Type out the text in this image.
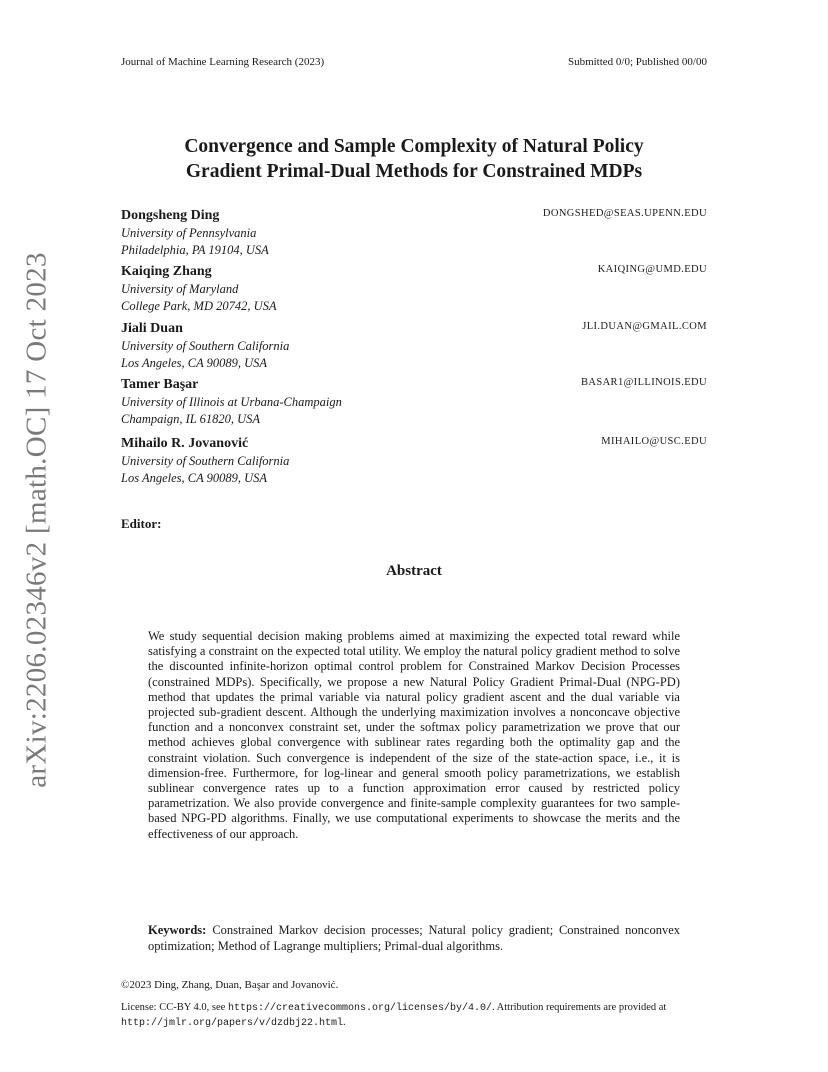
arXiv:2206.02346v2 [math.OC] 17 Oct 2023
Journal of Machine Learning Research (2023)	Submitted 0/0; Published 00/00
Convergence and Sample Complexity of Natural Policy
Gradient Primal-Dual Methods for Constrained MDPs
Dongsheng Ding	DONGSHED@SEAS.UPENN.EDU
University of Pennsylvania
Philadelphia, PA 19104, USA
Kaiqing Zhang	KAIQING@UMD.EDU
University of Maryland
College Park, MD 20742, USA
Jiali Duan	JLI.DUAN@GMAIL.COM
University of Southern California
Los Angeles, CA 90089, USA
Tamer Başar	BASAR1@ILLINOIS.EDU
University of Illinois at Urbana-Champaign
Champaign, IL 61820, USA
Mihailo R. Jovanović	MIHAILO@USC.EDU
University of Southern California
Los Angeles, CA 90089, USA
Editor:
Abstract
We study sequential decision making problems aimed at maximizing the expected total reward while satisfying a constraint on the expected total utility. We employ the natural policy gradient method to solve the discounted infinite-horizon optimal control problem for Constrained Markov Decision Processes (constrained MDPs). Specifically, we propose a new Natural Policy Gradient Primal-Dual (NPG-PD) method that updates the primal variable via natural policy gradient ascent and the dual variable via projected sub-gradient descent. Although the underlying maximization involves a nonconcave objective function and a nonconvex constraint set, under the softmax policy parametrization we prove that our method achieves global convergence with sublinear rates regarding both the optimality gap and the constraint violation. Such convergence is independent of the size of the state-action space, i.e., it is dimension-free. Furthermore, for log-linear and general smooth policy parametrizations, we establish sublinear convergence rates up to a function approximation error caused by restricted policy parametrization. We also provide convergence and finite-sample complexity guarantees for two sample-based NPG-PD algorithms. Finally, we use computational experiments to showcase the merits and the effectiveness of our approach.
Keywords: Constrained Markov decision processes; Natural policy gradient; Constrained nonconvex optimization; Method of Lagrange multipliers; Primal-dual algorithms.
©2023 Ding, Zhang, Duan, Başar and Jovanović.
License: CC-BY 4.0, see https://creativecommons.org/licenses/by/4.0/. Attribution requirements are provided at
http://jmlr.org/papers/v/dzdbj22.html.
